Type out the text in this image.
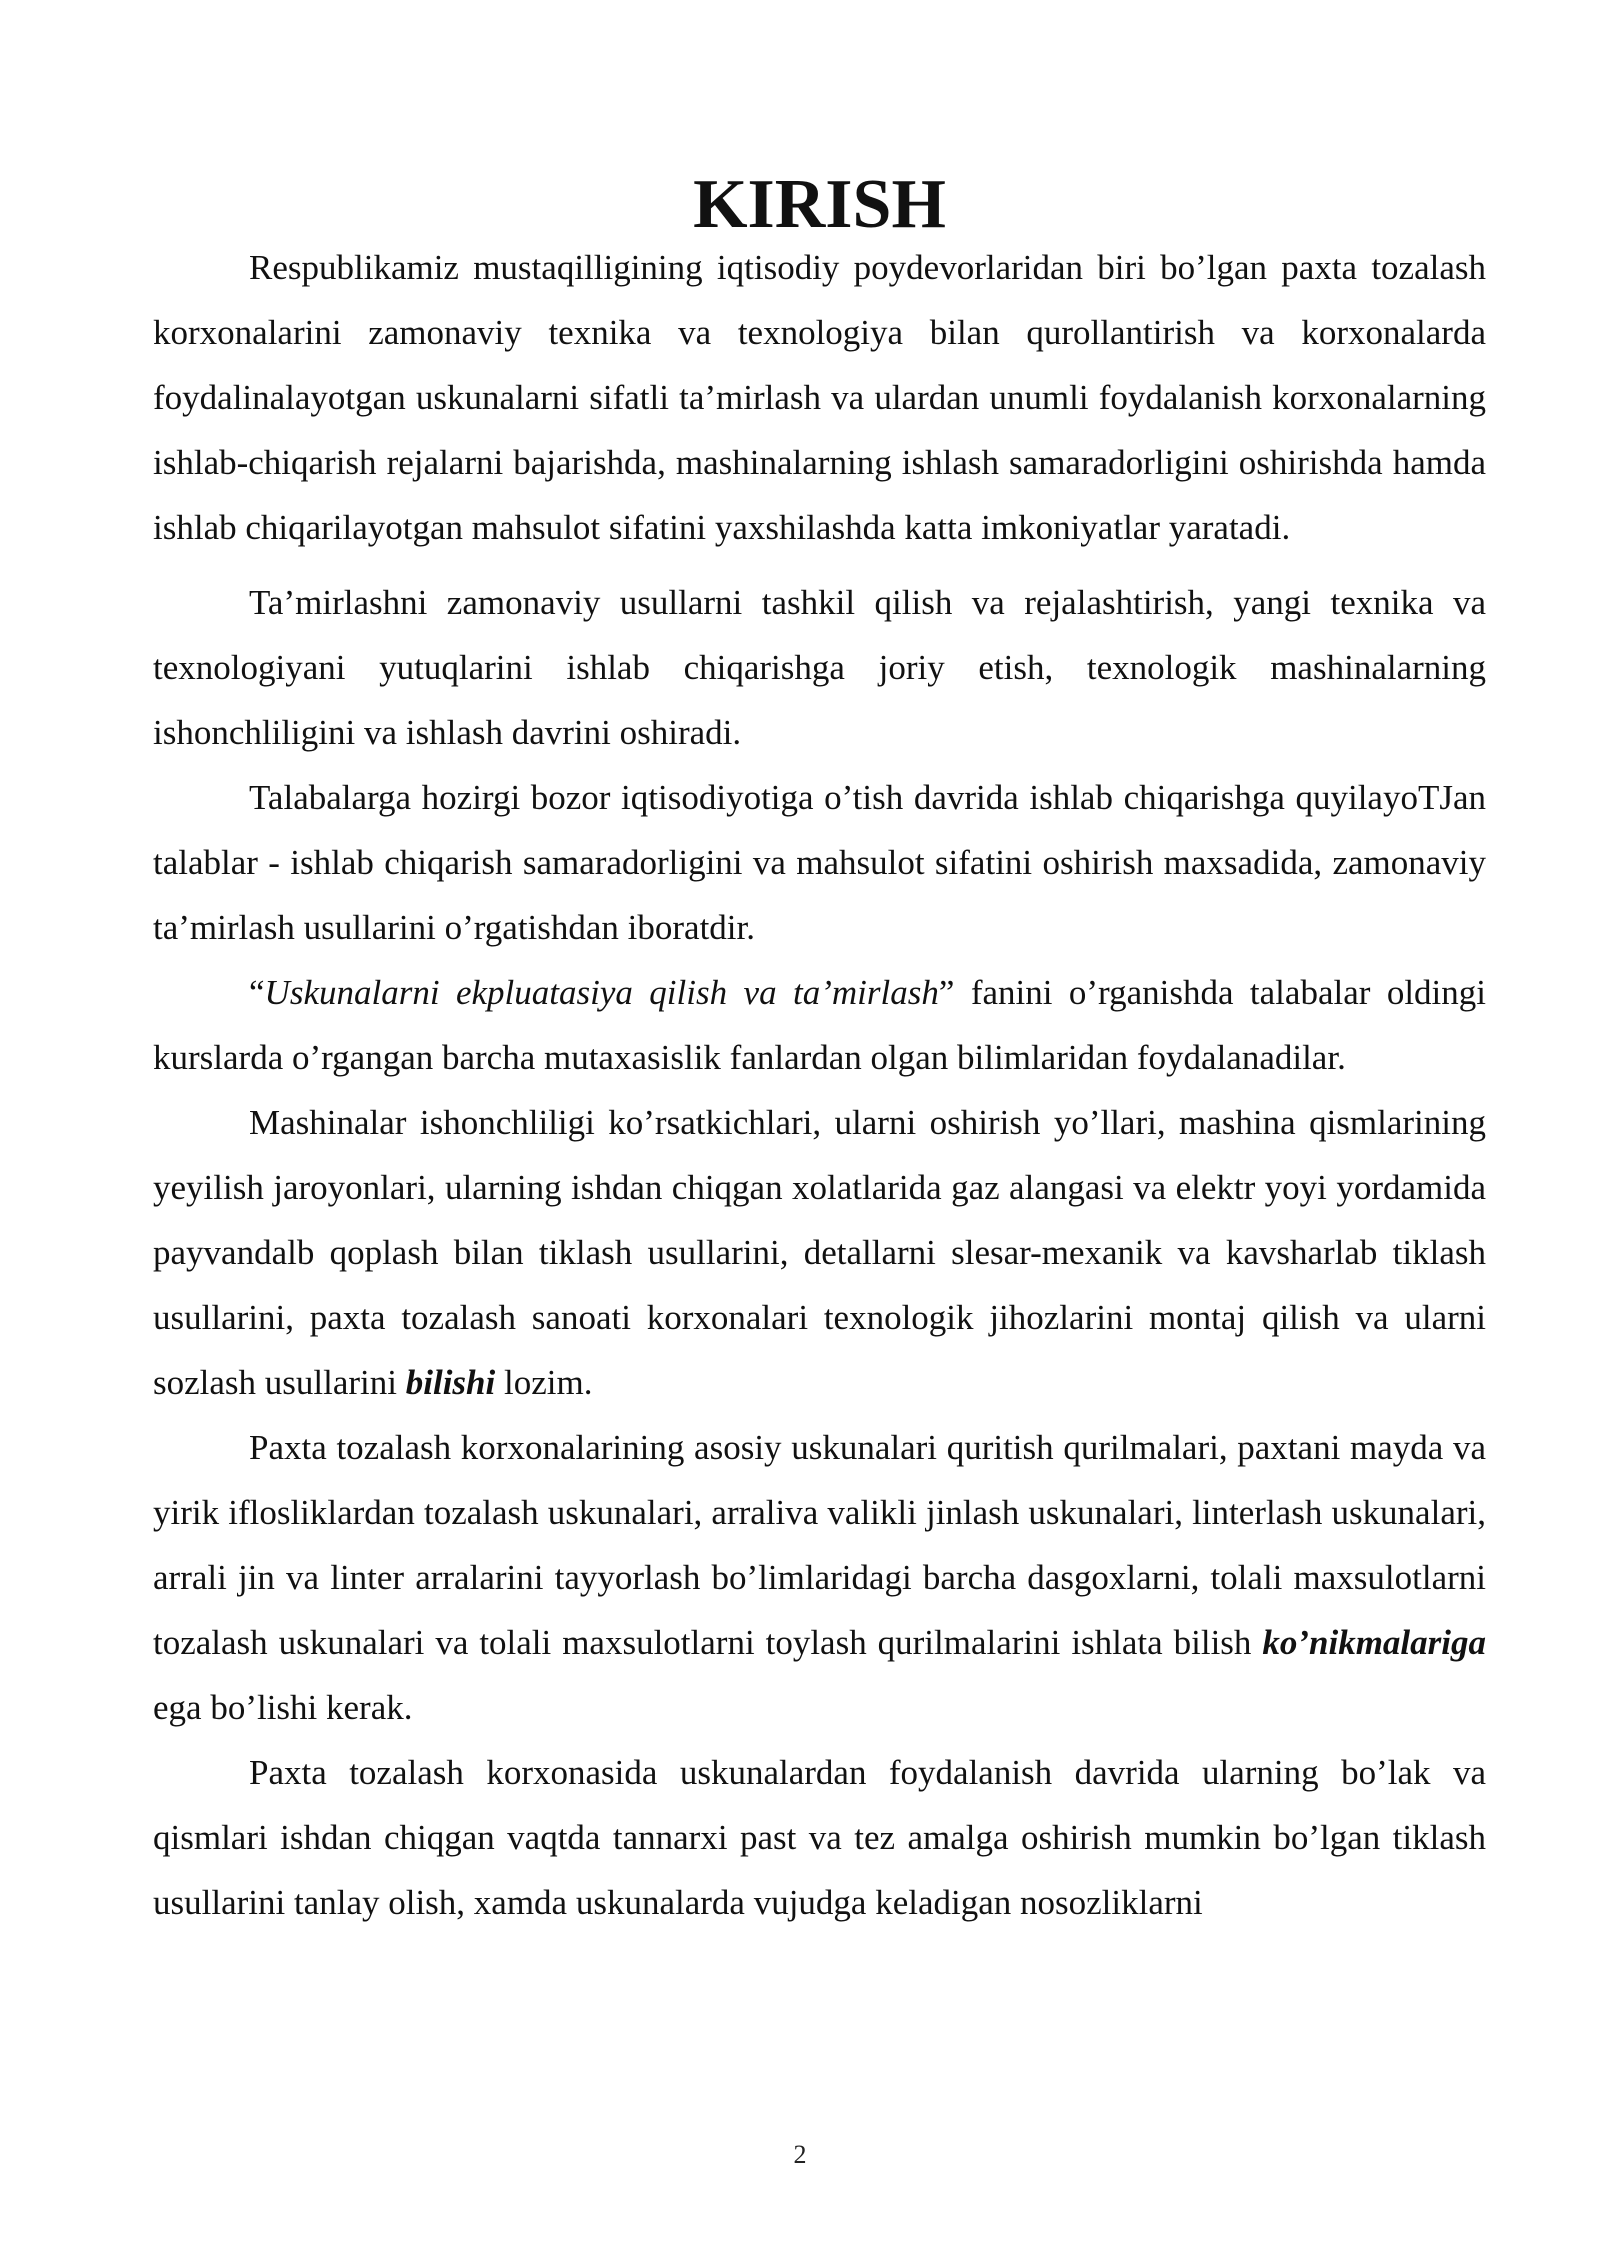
KIRISH

Respublikamiz mustaqilligining iqtisodiy poydevorlaridan biri bo’lgan paxta tozalash korxonalarini zamonaviy texnika va texnologiya bilan qurollantirish va korxonalarda foydalinalayotgan uskunalarni sifatli ta’mirlash va ulardan unumli foydalanish korxonalarning ishlab-chiqarish rejalarni bajarishda, mashinalarning ishlash samaradorligini oshirishda hamda ishlab chiqarilayotgan mahsulot sifatini yaxshilashda katta imkoniyatlar yaratadi.

Ta’mirlashni zamonaviy usullarni tashkil qilish va rejalashtirish, yangi texnika va texnologiyani yutuqlarini ishlab chiqarishga joriy etish, texnologik mashinalarning ishonchliligini va ishlash davrini oshiradi.

Talabalarga hozirgi bozor iqtisodiyotiga o’tish davrida ishlab chiqarishga quyilayoTJan talablar - ishlab chiqarish samaradorligini va mahsulot sifatini oshirish maxsadida, zamonaviy ta’mirlash usullarini o’rgatishdan iboratdir.

“Uskunalarni ekpluatasiya qilish va ta’mirlash” fanini o’rganishda talabalar oldingi kurslarda o’rgangan barcha mutaxasislik fanlardan olgan bilimlaridan foydalanadilar.

Mashinalar ishonchliligi ko’rsatkichlari, ularni oshirish yo’llari, mashina qismlarining yeyilish jaroyonlari, ularning ishdan chiqgan xolatlarida gaz alangasi va elektr yoyi yordamida payvandalb qoplash bilan tiklash usullarini, detallarni slesar-mexanik va kavsharlab tiklash usullarini, paxta tozalash sanoati korxonalari texnologik jihozlarini montaj qilish va ularni sozlash usullarini bilishi lozim.

Paxta tozalash korxonalarining asosiy uskunalari quritish qurilmalari, paxtani mayda va yirik iflosliklardan tozalash uskunalari, arraliva valikli jinlash uskunalari, linterlash uskunalari, arrali jin va linter arralarini tayyorlash bo’limlaridagi barcha dasgoxlarni, tolali maxsulotlarni tozalash uskunalari va tolali maxsulotlarni toylash qurilmalarini ishlata bilish ko’nikmalariga ega bo’lishi kerak.

Paxta tozalash korxonasida uskunalardan foydalanish davrida ularning bo’lak va qismlari ishdan chiqgan vaqtda tannarxi past va tez amalga oshirish mumkin bo’lgan tiklash usullarini tanlay olish, xamda uskunalarda vujudga keladigan nosozliklarni

2
